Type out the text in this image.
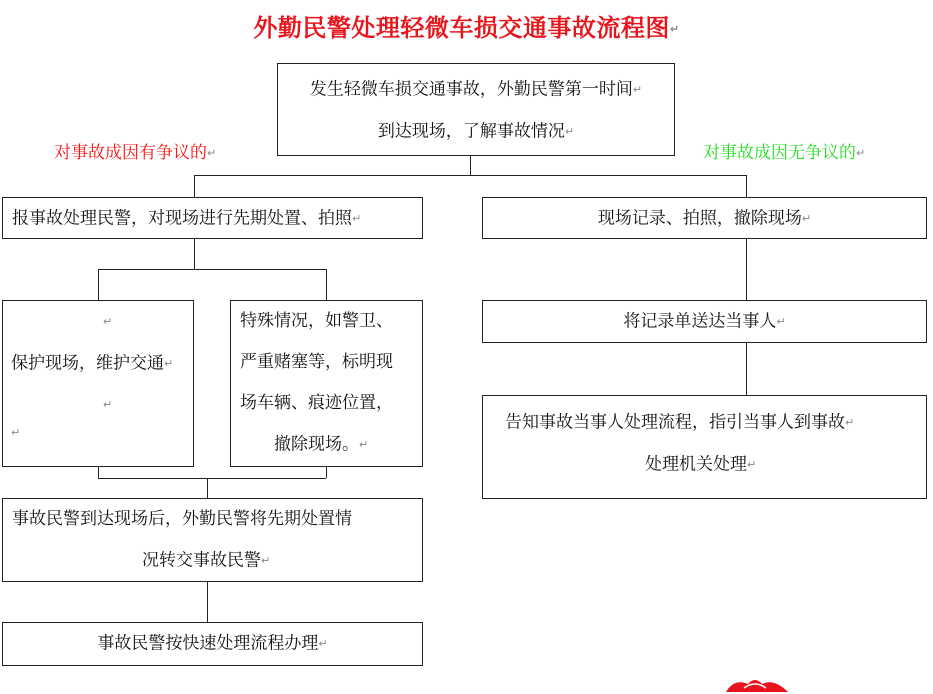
外勤民警处理轻微车损交通事故流程图↵
对事故成因有争议的↵	对事故成因无争议的↵
发生轻微车损交通事故，外勤民警第一时间↵
到达现场，了解事故情况↵
报事故处理民警，对现场进行先期处置、拍照↵
↵
保护现场，维护交通↵
↵
↵
特殊情况，如警卫、
严重赌塞等，标明现
场车辆、痕迹位置，
撤除现场。↵
事故民警到达现场后，外勤民警将先期处置情
况转交事故民警↵
事故民警按快速处理流程办理↵
现场记录、拍照，撤除现场↵
将记录单送达当事人↵
告知事故当事人处理流程，指引当事人到事故↵
处理机关处理↵
